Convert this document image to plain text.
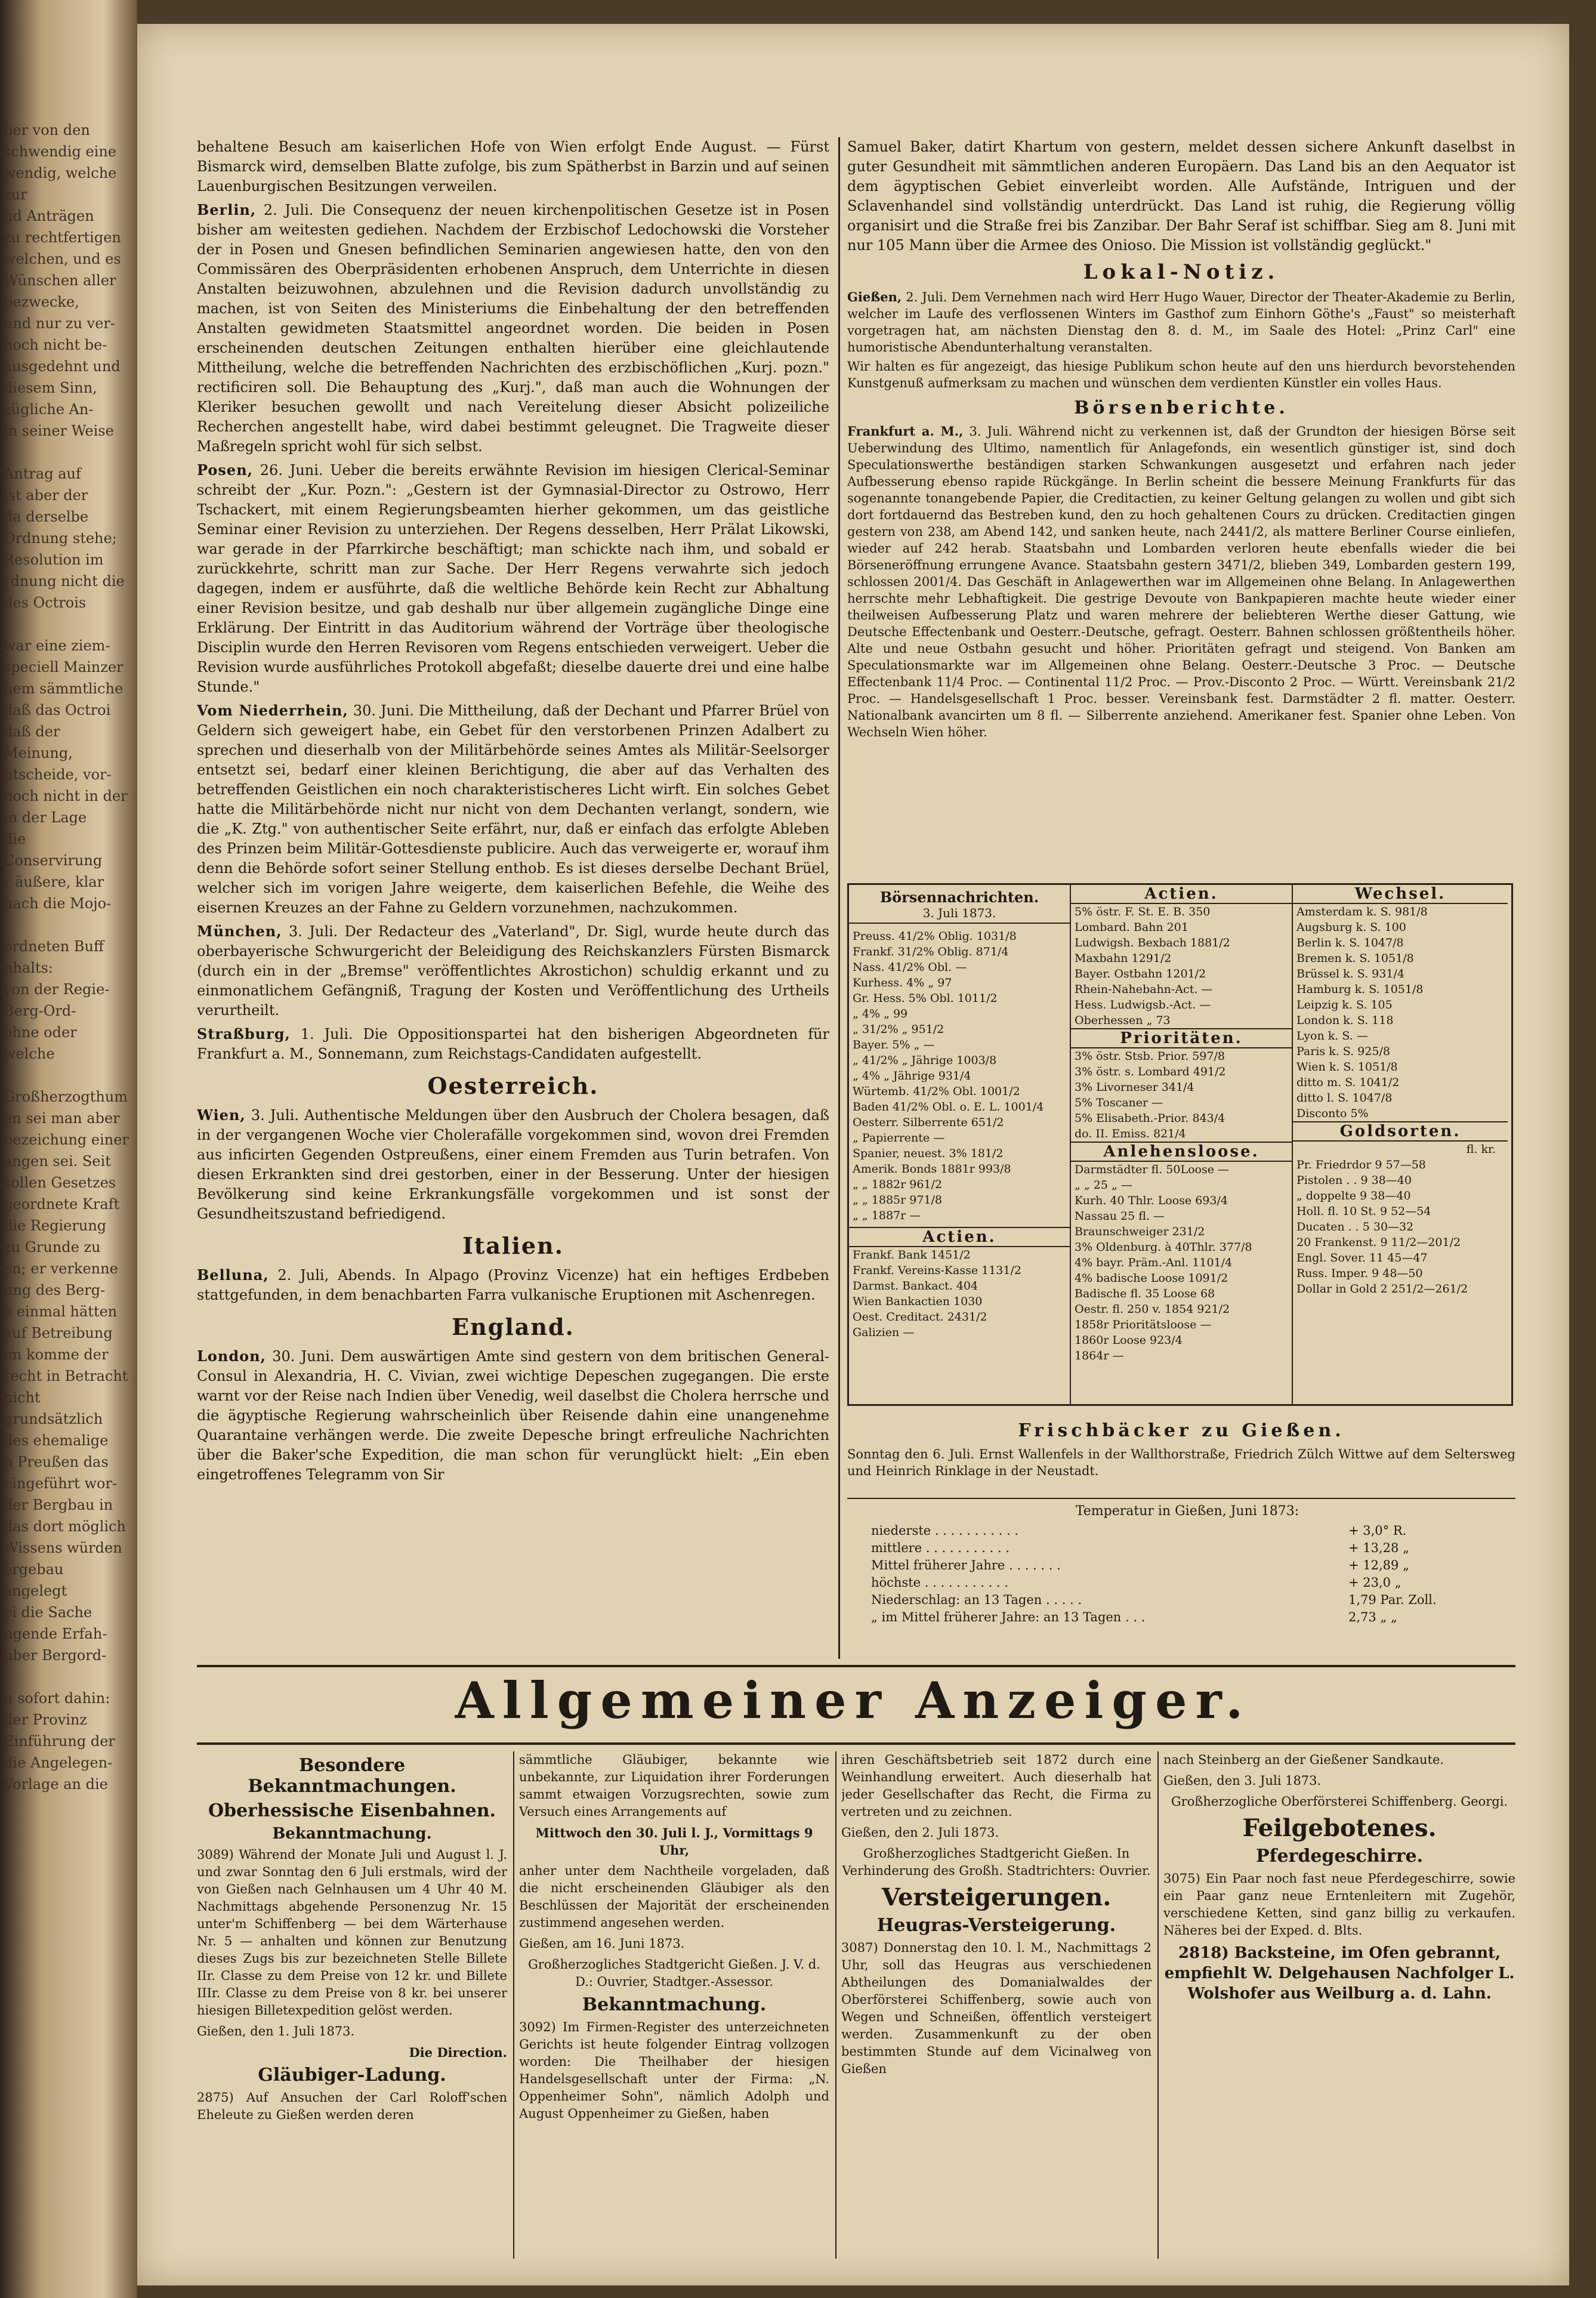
ber von den
schwendig eine
wendig, welche zur
nd Anträgen
zu rechtfertigen
welchen, und es
Wünschen aller
bezwecke,
und nur zu ver-
noch nicht be-
ausgedehnt und
diesem Sinn,
zügliche An-
in seiner Weise

Antrag auf
ist aber der
da derselbe
Ordnung stehe;
Resolution im
rdnung nicht die
des Octrois

war eine ziem-
speciell Mainzer
nem sämmtliche
daß das Octroi
daß der Meinung,
ntscheide, vor-
noch nicht in der
in der Lage
die Conservirung
r äußere, klar
nach die Mojo-

ordneten Buff
nhalts:
von der Regie-
Berg-Ord-
ohne oder welche

Großherzogthum
en sei man aber
bezeichung einer
angen sei. Seit
sollen Gesetzes
geordnete Kraft
die Regierung
zu Grunde zu
en; er verkenne
ung des Berg-
e einmal hätten
auf Betreibung
im komme der
recht in Betracht
nicht grundsätzlich
des ehemalige
n Preußen das
eingeführt wor-
der Bergbau in
das dort möglich
Wissens würden
ergebau angelegt
ei die Sache
ngende Erfah-
über Bergord-

n sofort dahin:
der Provinz
Einführung der
die Angelegen-
Vorlage an die

behaltene Besuch am kaiserlichen Hofe von Wien erfolgt Ende August. — Fürst Bismarck wird, demselben Blatte zufolge, bis zum Spätherbst in Barzin und auf seinen Lauenburgischen Besitzungen verweilen.

Berlin, 2. Juli. Die Consequenz der neuen kirchenpolitischen Gesetze ist in Posen bisher am weitesten gediehen. Nachdem der Erzbischof Ledochowski die Vorsteher der in Posen und Gnesen befindlichen Seminarien angewiesen hatte, den von den Commissären des Oberpräsidenten erhobenen Anspruch, dem Unterrichte in diesen Anstalten beizuwohnen, abzulehnen und die Revision dadurch unvollständig zu machen, ist von Seiten des Ministeriums die Einbehaltung der den betreffenden Anstalten gewidmeten Staatsmittel angeordnet worden. Die beiden in Posen erscheinenden deutschen Zeitungen enthalten hierüber eine gleichlautende Mittheilung, welche die betreffenden Nachrichten des erzbischöflichen „Kurj. pozn." rectificiren soll. Die Behauptung des „Kurj.", daß man auch die Wohnungen der Kleriker besuchen gewollt und nach Vereitelung dieser Absicht polizeiliche Recherchen angestellt habe, wird dabei bestimmt geleugnet. Die Tragweite dieser Maßregeln spricht wohl für sich selbst.

Posen, 26. Juni. Ueber die bereits erwähnte Revision im hiesigen Clerical-Seminar schreibt der „Kur. Pozn.": „Gestern ist der Gymnasial-Director zu Ostrowo, Herr Tschackert, mit einem Regierungsbeamten hierher gekommen, um das geistliche Seminar einer Revision zu unterziehen. Der Regens desselben, Herr Prälat Likowski, war gerade in der Pfarrkirche beschäftigt; man schickte nach ihm, und sobald er zurückkehrte, schritt man zur Sache. Der Herr Regens verwahrte sich jedoch dagegen, indem er ausführte, daß die weltliche Behörde kein Recht zur Abhaltung einer Revision besitze, und gab deshalb nur über allgemein zugängliche Dinge eine Erklärung. Der Eintritt in das Auditorium während der Vorträge über theologische Disciplin wurde den Herren Revisoren vom Regens entschieden verweigert. Ueber die Revision wurde ausführliches Protokoll abgefaßt; dieselbe dauerte drei und eine halbe Stunde."

Vom Niederrhein, 30. Juni. Die Mittheilung, daß der Dechant und Pfarrer Brüel von Geldern sich geweigert habe, ein Gebet für den verstorbenen Prinzen Adalbert zu sprechen und dieserhalb von der Militärbehörde seines Amtes als Militär-Seelsorger entsetzt sei, bedarf einer kleinen Berichtigung, die aber auf das Verhalten des betreffenden Geistlichen ein noch charakteristischeres Licht wirft. Ein solches Gebet hatte die Militärbehörde nicht nur nicht von dem Dechanten verlangt, sondern, wie die „K. Ztg." von authentischer Seite erfährt, nur, daß er einfach das erfolgte Ableben des Prinzen beim Militär-Gottesdienste publicire. Auch das verweigerte er, worauf ihm denn die Behörde sofort seiner Stellung enthob. Es ist dieses derselbe Dechant Brüel, welcher sich im vorigen Jahre weigerte, dem kaiserlichen Befehle, die Weihe des eisernen Kreuzes an der Fahne zu Geldern vorzunehmen, nachzukommen.

München, 3. Juli. Der Redacteur des „Vaterland", Dr. Sigl, wurde heute durch das oberbayerische Schwurgericht der Beleidigung des Reichskanzlers Fürsten Bismarck (durch ein in der „Bremse" veröffentlichtes Akrostichon) schuldig erkannt und zu einmonatlichem Gefängniß, Tragung der Kosten und Veröffentlichung des Urtheils verurtheilt.

Straßburg, 1. Juli. Die Oppositionspartei hat den bisherigen Abgeordneten für Frankfurt a. M., Sonnemann, zum Reichstags-Candidaten aufgestellt.

Oesterreich.

Wien, 3. Juli. Authentische Meldungen über den Ausbruch der Cholera besagen, daß in der vergangenen Woche vier Cholerafälle vorgekommen sind, wovon drei Fremden aus inficirten Gegenden Ostpreußens, einer einem Fremden aus Turin betrafen. Von diesen Erkrankten sind drei gestorben, einer in der Besserung. Unter der hiesigen Bevölkerung sind keine Erkrankungsfälle vorgekommen und ist sonst der Gesundheitszustand befriedigend.

Italien.

Belluna, 2. Juli, Abends. In Alpago (Provinz Vicenze) hat ein heftiges Erdbeben stattgefunden, in dem benachbarten Farra vulkanische Eruptionen mit Aschenregen.

England.

London, 30. Juni. Dem auswärtigen Amte sind gestern von dem britischen General-Consul in Alexandria, H. C. Vivian, zwei wichtige Depeschen zugegangen. Die erste warnt vor der Reise nach Indien über Venedig, weil daselbst die Cholera herrsche und die ägyptische Regierung wahrscheinlich über Reisende dahin eine unangenehme Quarantaine verhängen werde. Die zweite Depesche bringt erfreuliche Nachrichten über die Baker'sche Expedition, die man schon für verunglückt hielt: „Ein eben eingetroffenes Telegramm von Sir

Samuel Baker, datirt Khartum von gestern, meldet dessen sichere Ankunft daselbst in guter Gesundheit mit sämmtlichen anderen Europäern. Das Land bis an den Aequator ist dem ägyptischen Gebiet einverleibt worden. Alle Aufstände, Intriguen und der Sclavenhandel sind vollständig unterdrückt. Das Land ist ruhig, die Regierung völlig organisirt und die Straße frei bis Zanzibar. Der Bahr Seraf ist schiffbar. Sieg am 8. Juni mit nur 105 Mann über die Armee des Onioso. Die Mission ist vollständig geglückt."

Lokal-Notiz.

Gießen, 2. Juli. Dem Vernehmen nach wird Herr Hugo Wauer, Director der Theater-Akademie zu Berlin, welcher im Laufe des verflossenen Winters im Gasthof zum Einhorn Göthe's „Faust" so meisterhaft vorgetragen hat, am nächsten Dienstag den 8. d. M., im Saale des Hotel: „Prinz Carl" eine humoristische Abendunterhaltung veranstalten.

Wir halten es für angezeigt, das hiesige Publikum schon heute auf den uns hierdurch bevorstehenden Kunstgenuß aufmerksam zu machen und wünschen dem verdienten Künstler ein volles Haus.

Börsenberichte.

Frankfurt a. M., 3. Juli. Während nicht zu verkennen ist, daß der Grundton der hiesigen Börse seit Ueberwindung des Ultimo, namentlich für Anlagefonds, ein wesentlich günstiger ist, sind doch Speculationswerthe beständigen starken Schwankungen ausgesetzt und erfahren nach jeder Aufbesserung ebenso rapide Rückgänge. In Berlin scheint die bessere Meinung Frankfurts für das sogenannte tonangebende Papier, die Creditactien, zu keiner Geltung gelangen zu wollen und gibt sich dort fortdauernd das Bestreben kund, den zu hoch gehaltenen Cours zu drücken. Creditactien gingen gestern von 238, am Abend 142, und sanken heute, nach 2441/2, als mattere Berliner Course einliefen, wieder auf 242 herab. Staatsbahn und Lombarden verloren heute ebenfalls wieder die bei Börseneröffnung errungene Avance. Staatsbahn gestern 3471/2, blieben 349, Lombarden gestern 199, schlossen 2001/4. Das Geschäft in Anlagewerthen war im Allgemeinen ohne Belang. In Anlagewerthen herrschte mehr Lebhaftigkeit. Die gestrige Devoute von Bankpapieren machte heute wieder einer theilweisen Aufbesserung Platz und waren mehrere der beliebteren Werthe dieser Gattung, wie Deutsche Effectenbank und Oesterr.-Deutsche, gefragt. Oesterr. Bahnen schlossen größtentheils höher. Alte und neue Ostbahn gesucht und höher. Prioritäten gefragt und steigend. Von Banken am Speculationsmarkte war im Allgemeinen ohne Belang. Oesterr.-Deutsche 3 Proc. — Deutsche Effectenbank 11/4 Proc. — Continental 11/2 Proc. — Prov.-Disconto 2 Proc. — Württ. Vereinsbank 21/2 Proc. — Handelsgesellschaft 1 Proc. besser. Vereinsbank fest. Darmstädter 2 fl. matter. Oesterr. Nationalbank avancirten um 8 fl. — Silberrente anziehend. Amerikaner fest. Spanier ohne Leben. Von Wechseln Wien höher.

Börsennachrichten.
3. Juli 1873.
Preuss. 41/2% Oblig. 1031/8
Frankf. 31/2% Oblig. 871/4
Nass. 41/2% Obl. —
Kurhess. 4% „ 97
Gr. Hess. 5% Obl. 1011/2
„ 4% „ 99
„ 31/2% „ 951/2
Bayer. 5% „ —
„ 41/2% „ Jährige 1003/8
„ 4% „ Jährige 931/4
Würtemb. 41/2% Obl. 1001/2
Baden 41/2% Obl. o. E. L. 1001/4
Oesterr. Silberrente 651/2
„ Papierrente —
Spanier, neuest. 3% 181/2
Amerik. Bonds 1881r 993/8
„ „ 1882r 961/2
„ „ 1885r 971/8
„ „ 1887r —
Actien.
Frankf. Bank 1451/2
Frankf. Vereins-Kasse 1131/2
Darmst. Bankact. 404
Wien Bankactien 1030
Oest. Creditact. 2431/2
Galizien —
Actien.
5% östr. F. St. E. B. 350
Lombard. Bahn 201
Ludwigsh. Bexbach 1881/2
Maxbahn 1291/2
Bayer. Ostbahn 1201/2
Rhein-Nahebahn-Act. —
Hess. Ludwigsb.-Act. —
Oberhessen „ 73
Prioritäten.
3% östr. Stsb. Prior. 597/8
3% östr. s. Lombard 491/2
3% Livorneser 341/4
5% Toscaner —
5% Elisabeth.-Prior. 843/4
do. II. Emiss. 821/4
Anlehensloose.
Darmstädter fl. 50Loose —
„ „ 25 „ —
Kurh. 40 Thlr. Loose 693/4
Nassau 25 fl. —
Braunschweiger 231/2
3% Oldenburg. à 40Thlr. 377/8
4% bayr. Präm.-Anl. 1101/4
4% badische Loose 1091/2
Badische fl. 35 Loose 68
Oestr. fl. 250 v. 1854 921/2
1858r Prioritätsloose —
1860r Loose 923/4
1864r —
Wechsel.
Amsterdam k. S. 981/8
Augsburg k. S. 100
Berlin k. S. 1047/8
Bremen k. S. 1051/8
Brüssel k. S. 931/4
Hamburg k. S. 1051/8
Leipzig k. S. 105
London k. S. 118
Lyon k. S. —
Paris k. S. 925/8
Wien k. S. 1051/8
ditto m. S. 1041/2
ditto l. S. 1047/8
Disconto 5%
Goldsorten.
fl. kr.
Pr. Friedrdor 9 57—58
Pistolen . . 9 38—40
„ doppelte 9 38—40
Holl. fl. 10 St. 9 52—54
Ducaten . . 5 30—32
20 Frankenst. 9 11/2—201/2
Engl. Sover. 11 45—47
Russ. Imper. 9 48—50
Dollar in Gold 2 251/2—261/2
Frischbäcker zu Gießen.

Sonntag den 6. Juli. Ernst Wallenfels in der Wallthorstraße, Friedrich Zülch Wittwe auf dem Seltersweg und Heinrich Rinklage in der Neustadt.

Temperatur in Gießen, Juni 1873:
niederste . . . . . . . . . . .	+ 3,0° R.
mittlere . . . . . . . . . . .	+ 13,28 „
Mittel früherer Jahre . . . . . . .	+ 12,89 „
höchste . . . . . . . . . . .	+ 23,0 „
Niederschlag: an 13 Tagen . . . . .	1,79 Par. Zoll.
„ im Mittel früherer Jahre: an 13 Tagen . . .	2,73 „ „
Allgemeiner Anzeiger.
Besondere Bekanntmachungen.
Oberhessische Eisenbahnen.
Bekanntmachung.

3089) Während der Monate Juli und August l. J. und zwar Sonntag den 6 Juli erstmals, wird der von Gießen nach Gelnhausen um 4 Uhr 40 M. Nachmittags abgehende Personenzug Nr. 15 unter'm Schiffenberg — bei dem Wärterhause Nr. 5 — anhalten und können zur Benutzung dieses Zugs bis zur bezeichneten Stelle Billete IIr. Classe zu dem Preise von 12 kr. und Billete IIIr. Classe zu dem Preise von 8 kr. bei unserer hiesigen Billetexpedition gelöst werden.

Gießen, den 1. Juli 1873.

Die Direction.

Gläubiger-Ladung.

2875) Auf Ansuchen der Carl Roloff'schen Eheleute zu Gießen werden deren

sämmtliche Gläubiger, bekannte wie unbekannte, zur Liquidation ihrer Forderungen sammt etwaigen Vorzugsrechten, sowie zum Versuch eines Arrangements auf

Mittwoch den 30. Juli l. J., Vormittags 9 Uhr,

anher unter dem Nachtheile vorgeladen, daß die nicht erscheinenden Gläubiger als den Beschlüssen der Majorität der erscheinenden zustimmend angesehen werden.

Gießen, am 16. Juni 1873.

Großherzogliches Stadtgericht Gießen. J. V. d. D.: Ouvrier, Stadtger.-Assessor.

Bekanntmachung.

3092) Im Firmen-Register des unterzeichneten Gerichts ist heute folgender Eintrag vollzogen worden: Die Theilhaber der hiesigen Handelsgesellschaft unter der Firma: „N. Oppenheimer Sohn", nämlich Adolph und August Oppenheimer zu Gießen, haben

ihren Geschäftsbetrieb seit 1872 durch eine Weinhandlung erweitert. Auch dieserhalb hat jeder Gesellschafter das Recht, die Firma zu vertreten und zu zeichnen.

Gießen, den 2. Juli 1873.

Großherzogliches Stadtgericht Gießen. In Verhinderung des Großh. Stadtrichters: Ouvrier.

Versteigerungen.
Heugras-Versteigerung.

3087) Donnerstag den 10. l. M., Nachmittags 2 Uhr, soll das Heugras aus verschiedenen Abtheilungen des Domanialwaldes der Oberförsterei Schiffenberg, sowie auch von Wegen und Schneißen, öffentlich versteigert werden. Zusammenkunft zu der oben bestimmten Stunde auf dem Vicinalweg von Gießen

nach Steinberg an der Gießener Sandkaute.

Gießen, den 3. Juli 1873.

Großherzogliche Oberförsterei Schiffenberg. Georgi.

Feilgebotenes.
Pferdegeschirre.

3075) Ein Paar noch fast neue Pferdegeschirre, sowie ein Paar ganz neue Erntenleitern mit Zugehör, verschiedene Ketten, sind ganz billig zu verkaufen. Näheres bei der Exped. d. Blts.

2818) Backsteine, im Ofen gebrannt, empfiehlt W. Delgehausen Nachfolger L. Wolshofer aus Weilburg a. d. Lahn.
